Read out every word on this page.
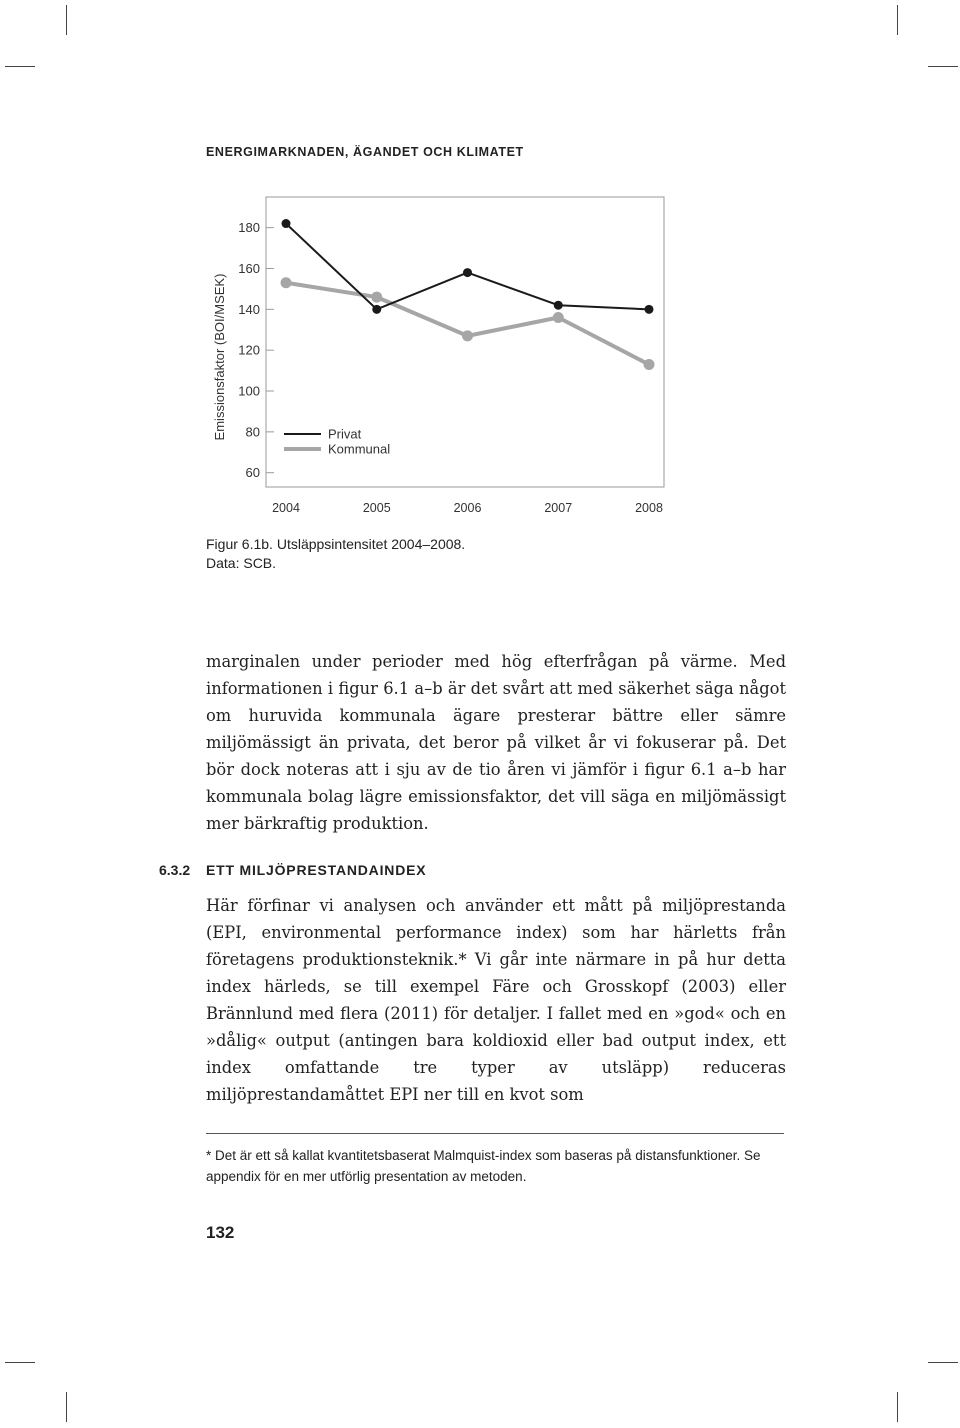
ENERGIMARKNADEN, ÄGANDET OCH KLIMATET
60
80
100
120
140
160
180
2004	2005	2006	2007	2008
Emissionsfaktor (BOI/MSEK)	Privat
Kommunal
Figur 6.1b. Utsläppsintensitet 2004–2008.
Data: SCB.

marginalen under perioder med hög efterfrågan på värme. Med informationen i figur 6.1 a–b är det svårt att med säkerhet säga något om huruvida kommunala ägare presterar bättre eller sämre miljömässigt än privata, det beror på vilket år vi fokuserar på. Det bör dock noteras att i sju av de tio åren vi jämför i figur 6.1 a–b har kommunala bolag lägre emissionsfaktor, det vill säga en miljömässigt mer bärkraftig produktion.

6.3.2 ETT MILJÖPRESTANDAINDEX

Här förfinar vi analysen och använder ett mått på miljöprestanda (EPI, environmental performance index) som har härletts från företagens produktionsteknik.* Vi går inte närmare in på hur detta index härleds, se till exempel Färe och Grosskopf (2003) eller Brännlund med flera (2011) för detaljer. I fallet med en »god« och en »dålig« output (antingen bara koldioxid eller bad output index, ett index omfattande tre typer av utsläpp) reduceras miljöprestandamåttet EPI ner till en kvot som

* Det är ett så kallat kvantitetsbaserat Malmquist-index som baseras på distansfunktioner. Se appendix för en mer utförlig presentation av metoden.
132
